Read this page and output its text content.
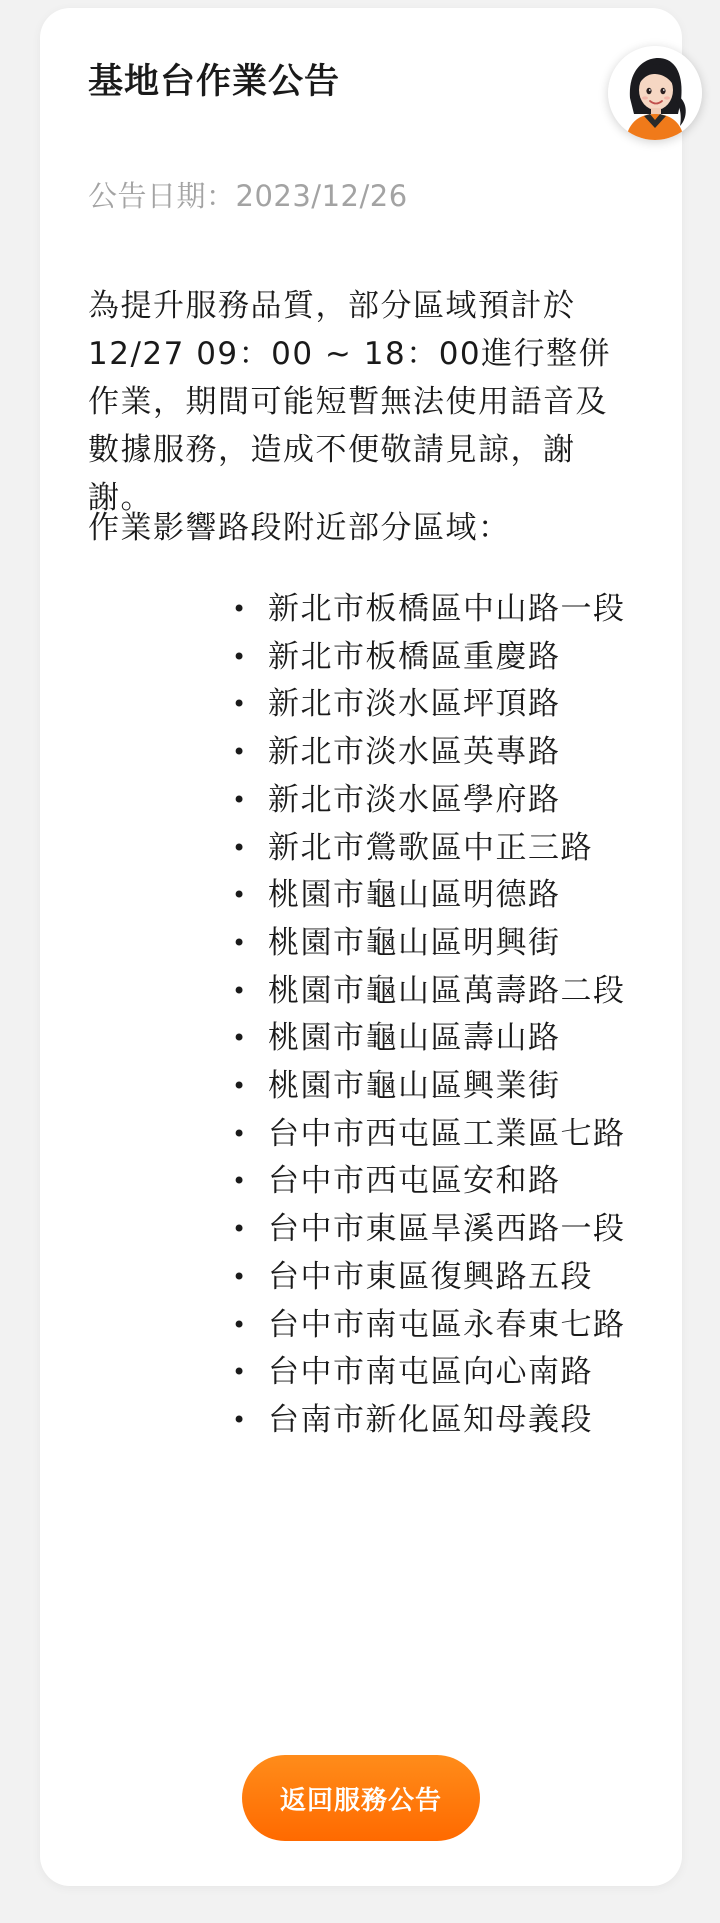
基地台作業公告
公告日期：2023/12/26

為提升服務品質，部分區域預計於12/27 09：00 ~ 18：00進行整併作業，期間可能短暫無法使用語音及數據服務，造成不便敬請見諒，謝謝。

作業影響路段附近部分區域：
• 新北市板橋區中山路一段
• 新北市板橋區重慶路
• 新北市淡水區坪頂路
• 新北市淡水區英專路
• 新北市淡水區學府路
• 新北市鶯歌區中正三路
• 桃園市龜山區明德路
• 桃園市龜山區明興街
• 桃園市龜山區萬壽路二段
• 桃園市龜山區壽山路
• 桃園市龜山區興業街
• 台中市西屯區工業區七路
• 台中市西屯區安和路
• 台中市東區旱溪西路一段
• 台中市東區復興路五段
• 台中市南屯區永春東七路
• 台中市南屯區向心南路
• 台南市新化區知母義段
返回服務公告
